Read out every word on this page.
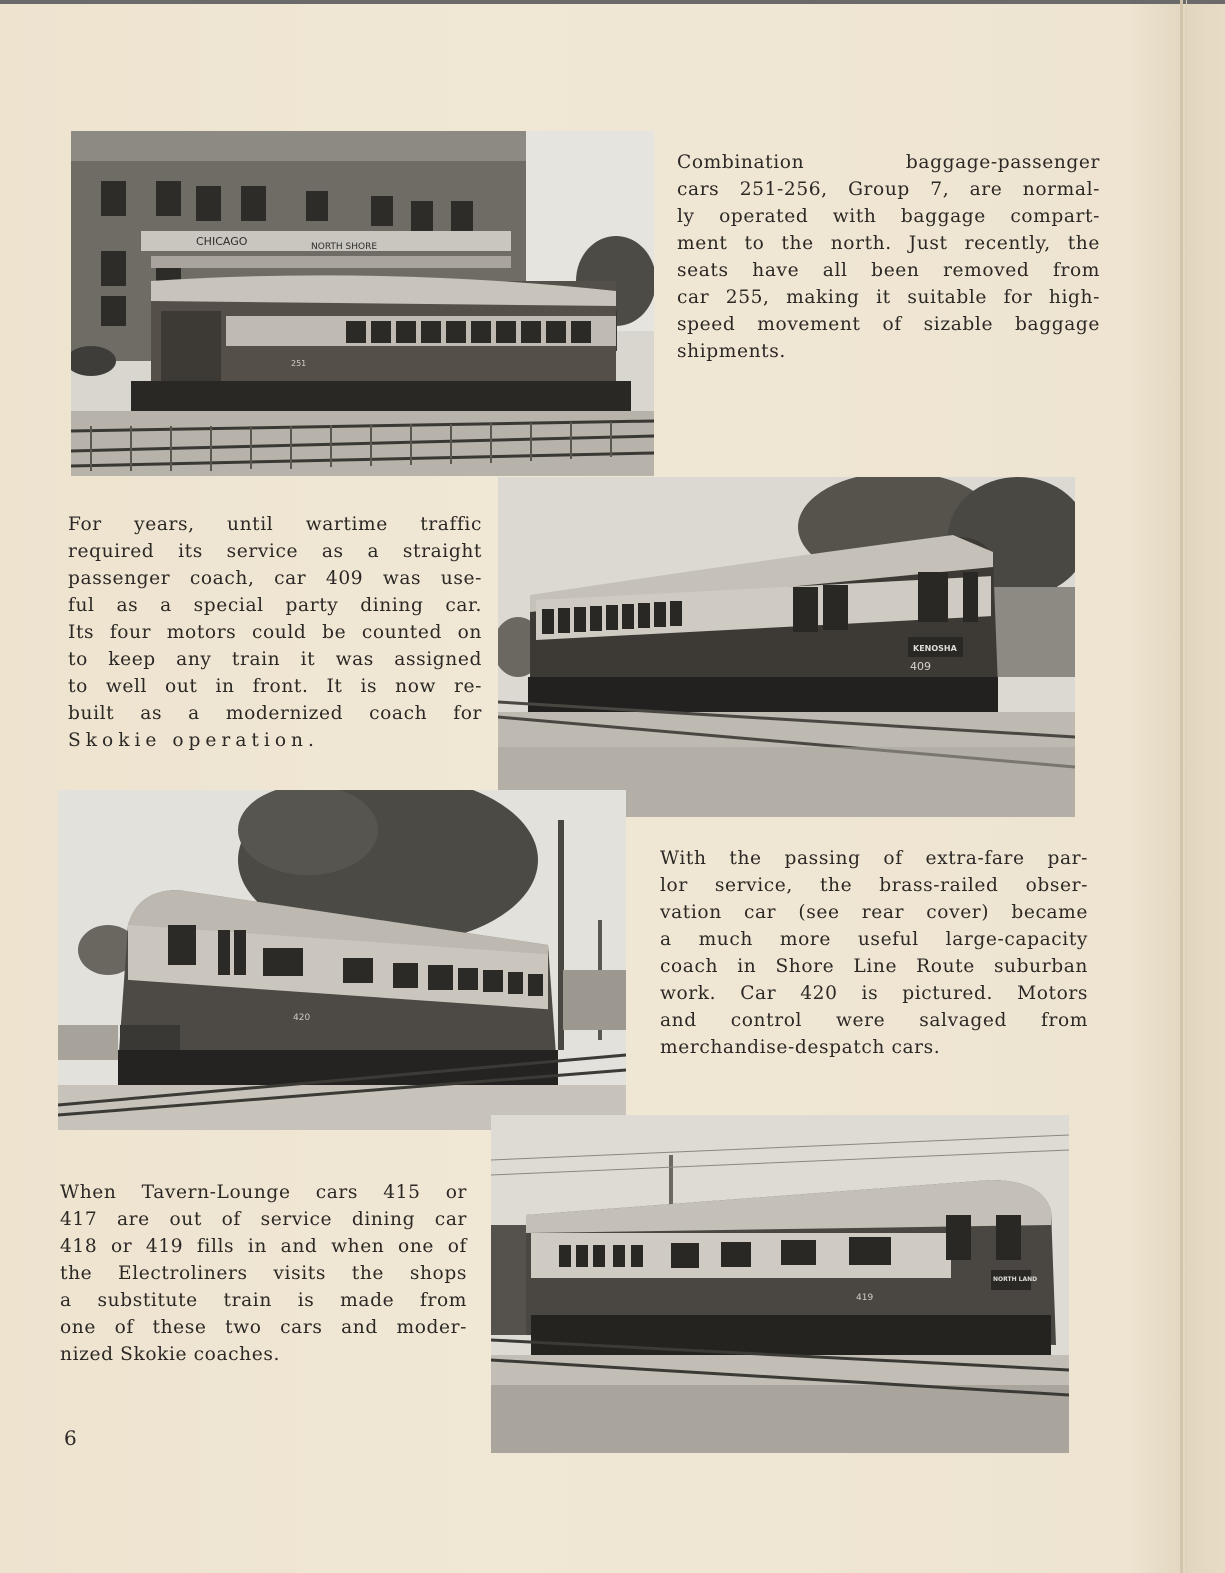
CHICAGO	NORTH SHORE
251
Combination baggage-passenger
cars 251-256, Group 7, are normal-
ly operated with baggage compart-
ment to the north. Just recently, the
seats have all been removed from
car 255, making it suitable for high-
speed movement of sizable baggage
shipments.
KENOSHA
409
For years, until wartime traffic
required its service as a straight
passenger coach, car 409 was use-
ful as a special party dining car.
Its four motors could be counted on
to keep any train it was assigned
to well out in front. It is now re-
built as a modernized coach for
Skokie operation.
420
With the passing of extra-fare par-
lor service, the brass-railed obser-
vation car (see rear cover) became
a much more useful large-capacity
coach in Shore Line Route suburban
work. Car 420 is pictured. Motors
and control were salvaged from
merchandise-despatch cars.
NORTH LAND
419
When Tavern-Lounge cars 415 or
417 are out of service dining car
418 or 419 fills in and when one of
the Electroliners visits the shops
a substitute train is made from
one of these two cars and moder-
nized Skokie coaches.
6
